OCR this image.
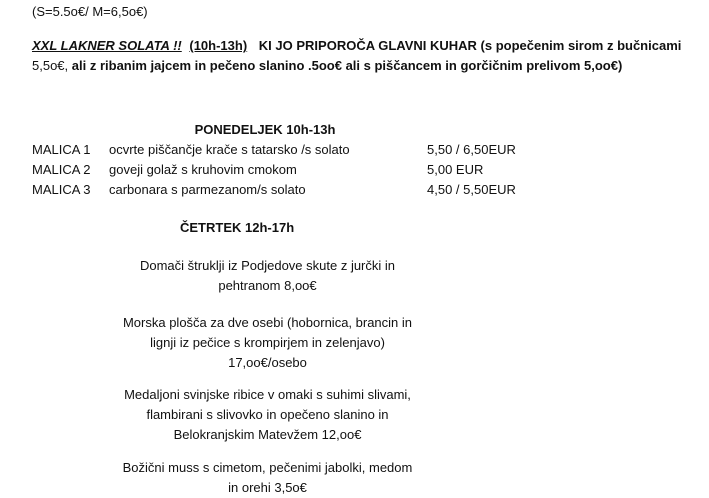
(S=5.5o€/ M=6,5o€)
XXL LAKNER SOLATA !! (10h-13h) KI JO PRIPOROČA GLAVNI KUHAR (s popečenim sirom z bučnicami
5,5o€, ali z ribanim jajcem in pečeno slanino .5oo€ ali s piščancem in gorčičnim prelivom 5,oo€)
PONEDELJEK 10h-13h
MALICA 1 ocvrte piščančje krače s tatarsko /s solato	5,50 / 6,50EUR
MALICA 2 goveji golaž s kruhovim cmokom	5,00 EUR
MALICA 3 carbonara s parmezanom/s solato	4,50 / 5,50EUR
ČETRTEK 12h-17h
Domači štruklji iz Podjedove skute z jurčki in
pehtranom 8,oo€
Morska plošča za dve osebi (hobornica, brancin in
lignji iz pečice s krompirjem in zelenjavo)
17,oo€/osebo
Medaljoni svinjske ribice v omaki s suhimi slivami,
flambirani s slivovko in opečeno slanino in
Belokranjskim Matevžem 12,oo€
Božični muss s cimetom, pečenimi jabolki, medom
in orehi 3,5o€
